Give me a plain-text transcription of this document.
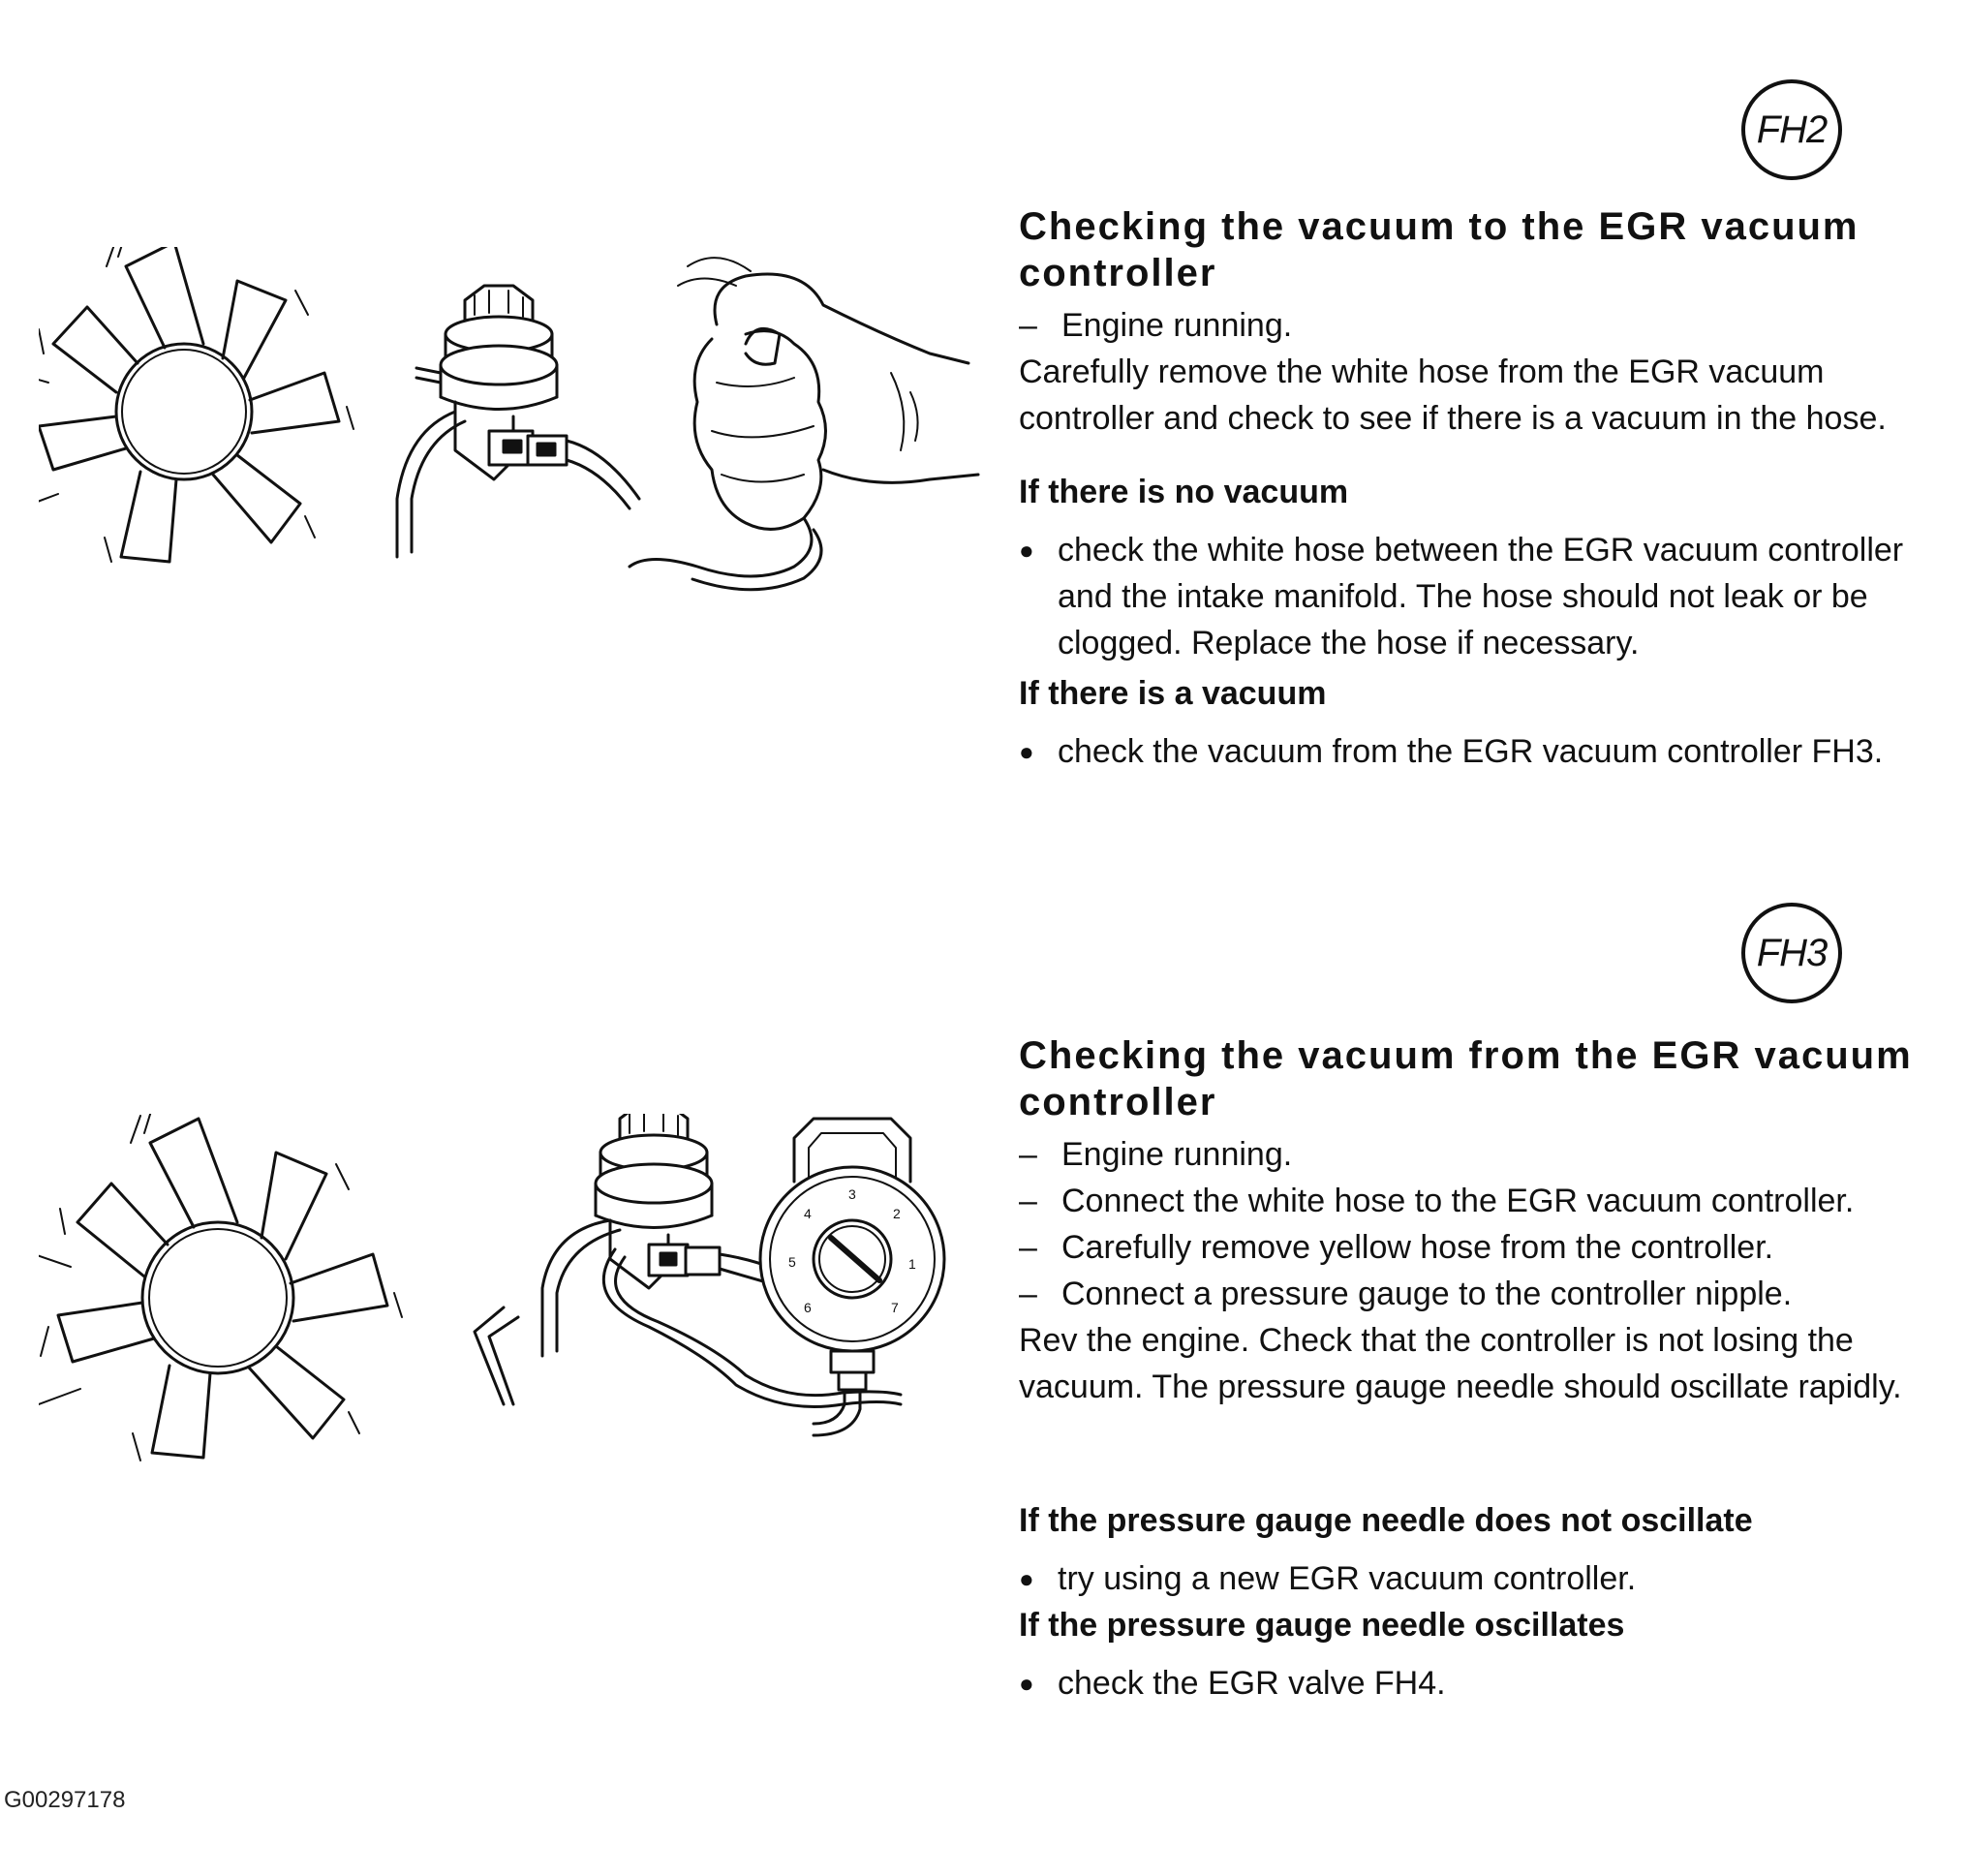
FH2
Checking the vacuum to the EGR vacuum controller

– Engine running.

Carefully remove the white hose from the EGR vacuum controller and check to see if there is a vacuum in the hose.

If there is no vacuum

● check the white hose between the EGR vacuum controller and the intake manifold. The hose should not leak or be clogged. Replace the hose if necessary.

If there is a vacuum

● check the vacuum from the EGR vacuum controller FH3.

1
2
3
4
5
6	7
FH3
Checking the vacuum from the EGR vacuum controller

– Engine running.

– Connect the white hose to the EGR vacuum controller.

– Carefully remove yellow hose from the controller.

– Connect a pressure gauge to the controller nipple.

Rev the engine. Check that the controller is not losing the vacuum. The pressure gauge needle should oscillate rapidly.

If the pressure gauge needle does not oscillate

● try using a new EGR vacuum controller.

If the pressure gauge needle oscillates

● check the EGR valve FH4.

G00297178
